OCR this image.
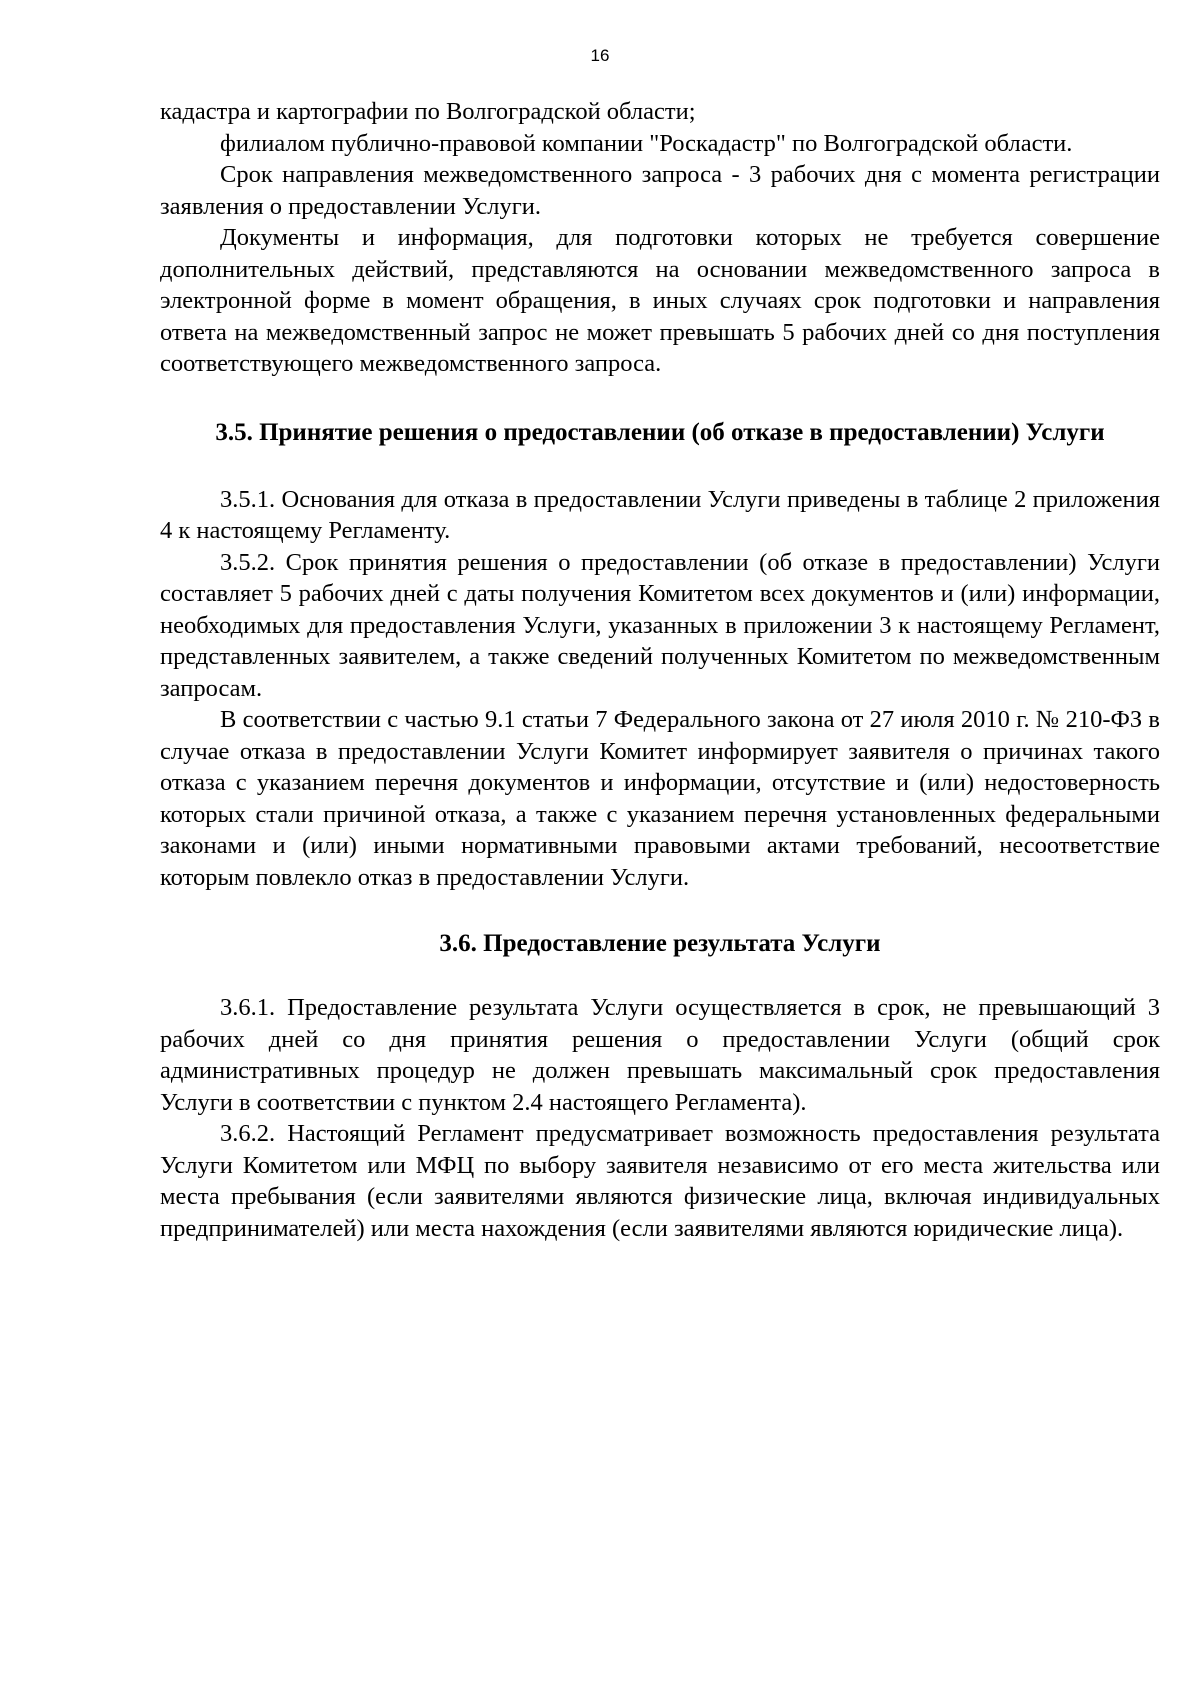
16

кадастра и картографии по Волгоградской области;

филиалом публично-правовой компании "Роскадастр" по Волгоградской области.

Срок направления межведомственного запроса - 3 рабочих дня с момента регистрации заявления о предоставлении Услуги.

Документы и информация, для подготовки которых не требуется совершение дополнительных действий, представляются на основании межведомственного запроса в электронной форме в момент обращения, в иных случаях срок подготовки и направления ответа на межведомственный запрос не может превышать 5 рабочих дней со дня поступления соответствующего межведомственного запроса.

3.5. Принятие решения о предоставлении (об отказе в предоставлении) Услуги

3.5.1. Основания для отказа в предоставлении Услуги приведены в таблице 2 приложения 4 к настоящему Регламенту.

3.5.2. Срок принятия решения о предоставлении (об отказе в предоставлении) Услуги составляет 5 рабочих дней с даты получения Комитетом всех документов и (или) информации, необходимых для предоставления Услуги, указанных в приложении 3 к настоящему Регламент, представленных заявителем, а также сведений полученных Комитетом по межведомственным запросам.

В соответствии с частью 9.1 статьи 7 Федерального закона от 27 июля 2010 г. № 210-ФЗ в случае отказа в предоставлении Услуги Комитет информирует заявителя о причинах такого отказа с указанием перечня документов и информации, отсутствие и (или) недостоверность которых стали причиной отказа, а также с указанием перечня установленных федеральными законами и (или) иными нормативными правовыми актами требований, несоответствие которым повлекло отказ в предоставлении Услуги.

3.6. Предоставление результата Услуги

3.6.1. Предоставление результата Услуги осуществляется в срок, не превышающий 3 рабочих дней со дня принятия решения о предоставлении Услуги (общий срок административных процедур не должен превышать максимальный срок предоставления Услуги в соответствии с пунктом 2.4 настоящего Регламента).

3.6.2. Настоящий Регламент предусматривает возможность предоставления результата Услуги Комитетом или МФЦ по выбору заявителя независимо от его места жительства или места пребывания (если заявителями являются физические лица, включая индивидуальных предпринимателей) или места нахождения (если заявителями являются юридические лица).
